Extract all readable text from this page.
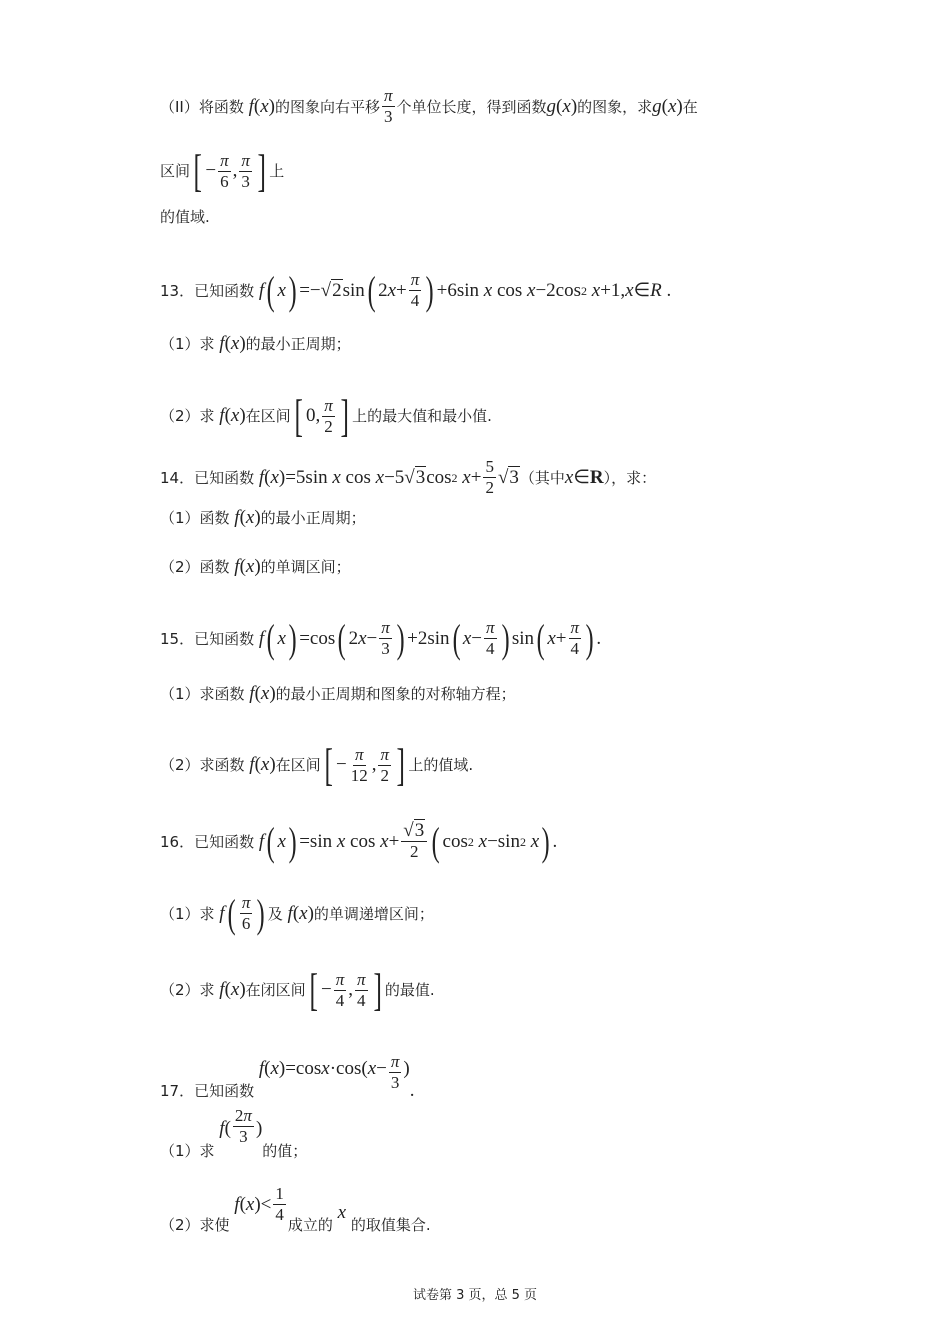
（II）将函数 f ( x ) 的图象向右平移 $\frac{\pi}{3}$ 个单位长度，得到函数 g ( x ) 的图象，求 g ( x ) 在
区间 [ − $\frac{\pi}{6}$ , $\frac{\pi}{3}$ ] 上
的值域.
13．已知函数 f ( x ) =− √2 sin ( 2 $x + \frac{\pi}{4}$ ) +6sin x cos x −2cos 2 x +1, x ∈ R .
（1）求 f ( x ) 的最小正周期；
（2）求 f ( x ) 在区间 [ 0, $\frac{\pi}{2}$ ] 上的最大值和最小值.
14．已知函数 f ( x )=5sin x cos x −5 √3 cos 2 $x + \frac{5}{2} √3$ （其中 x ∈ R ），求：
（1）函数 f ( x ) 的最小正周期；
（2）函数 f ( x ) 的单调区间；
15．已知函数 f ( x ) =cos ( 2 $x - \frac{\pi}{3}$ ) +2sin ( $x - \frac{\pi}{4}$ ) sin ( $x + \frac{\pi}{4}$ ) .
（1）求函数 f ( x ) 的最小正周期和图象的对称轴方程；
（2）求函数 f ( x ) 在区间 [ − $\frac{\pi}{12}$ , $\frac{\pi}{2}$ ] 上的值域.
16．已知函数 f ( x ) =sin x $\cos x + \frac{√3}{2}$ ( cos 2 x −sin 2 x ) .
（1）求 f ( $\frac{\pi}{6}$ ) 及 f ( x ) 的单调递增区间；
（2）求 f ( x ) 在闭区间 [ − $\frac{\pi}{4}$ , $\frac{\pi}{4}$ ] 的最值.
17．已知函数
f ( x )=cos x ·cos( $x - \frac{\pi}{3}$ )
.
（1）求
f ( $\frac{2\pi}{3}$ )
的值；
（2）求使
f ( x )< $\frac{1}{4}$ 成立的
x
的取值集合.
试卷第 3 页，总 5 页
